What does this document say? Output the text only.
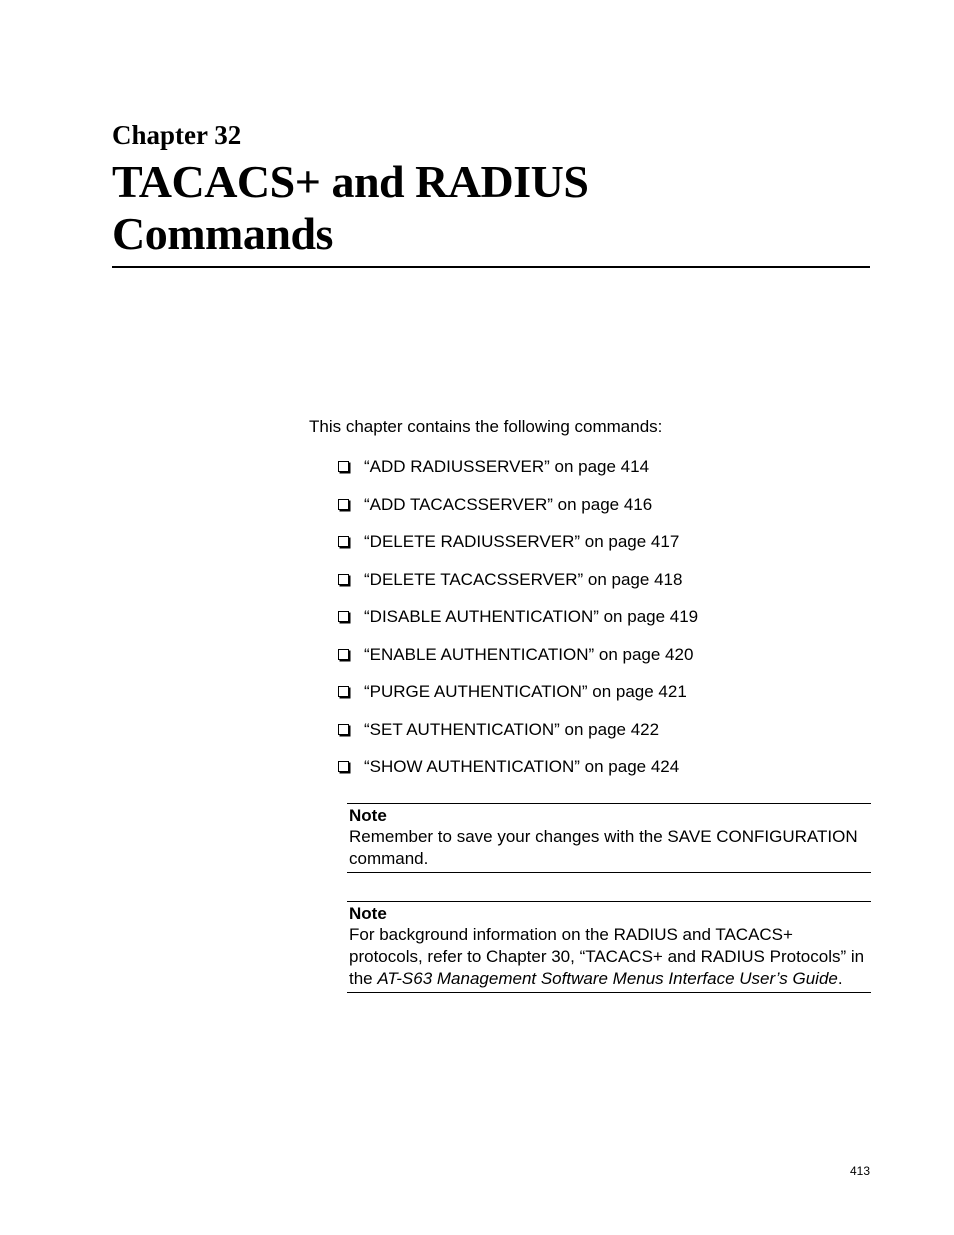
Chapter 32
TACACS+ and RADIUS
Commands

This chapter contains the following commands:

“ADD RADIUSSERVER” on page 414
“ADD TACACSSERVER” on page 416
“DELETE RADIUSSERVER” on page 417
“DELETE TACACSSERVER” on page 418
“DISABLE AUTHENTICATION” on page 419
“ENABLE AUTHENTICATION” on page 420
“PURGE AUTHENTICATION” on page 421
“SET AUTHENTICATION” on page 422
“SHOW AUTHENTICATION” on page 424

Note

Remember to save your changes with the SAVE CONFIGURATION command.

Note

For background information on the RADIUS and TACACS+ protocols, refer to Chapter 30, “TACACS+ and RADIUS Protocols” in the AT-S63 Management Software Menus Interface User’s Guide.

413
